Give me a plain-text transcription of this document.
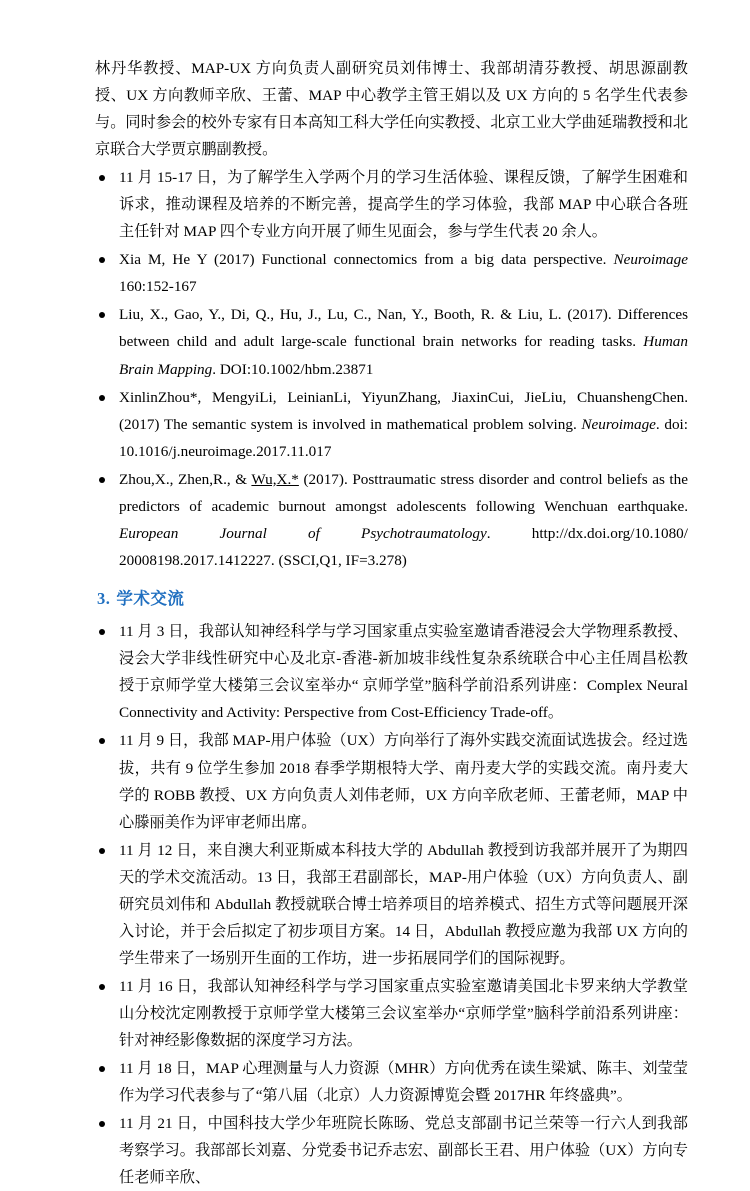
林丹华教授、MAP-UX 方向负责人副研究员刘伟博士、我部胡清芬教授、胡思源副教授、UX 方向教师辛欣、王蕾、MAP 中心教学主管王娟以及 UX 方向的 5 名学生代表参与。同时参会的校外专家有日本高知工科大学任向实教授、北京工业大学曲延瑞教授和北京联合大学贾京鹏副教授。

11 月 15-17 日，为了解学生入学两个月的学习生活体验、课程反馈，了解学生困难和诉求，推动课程及培养的不断完善，提高学生的学习体验，我部 MAP 中心联合各班主任针对 MAP 四个专业方向开展了师生见面会，参与学生代表 20 余人。
Xia M, He Y (2017) Functional connectomics from a big data perspective. Neuroimage 160:152-167
Liu, X., Gao, Y., Di, Q., Hu, J., Lu, C., Nan, Y., Booth, R. & Liu, L. (2017). Differences between child and adult large-scale functional brain networks for reading tasks. Human Brain Mapping. DOI:10.1002/hbm.23871
XinlinZhou*, MengyiLi, LeinianLi, YiyunZhang, JiaxinCui, JieLiu, ChuanshengChen. (2017) The semantic system is involved in mathematical problem solving. Neuroimage. doi: 10.1016/j.neuroimage.2017.11.017
Zhou,X., Zhen,R., & Wu,X.* (2017). Posttraumatic stress disorder and control beliefs as the predictors of academic burnout amongst adolescents following Wenchuan earthquake. European Journal of Psychotraumatology. http://dx.doi.org/10.1080/ 20008198.2017.1412227. (SSCI,Q1, IF=3.278)
3. 学术交流
11 月 3 日，我部认知神经科学与学习国家重点实验室邀请香港浸会大学物理系教授、浸会大学非线性研究中心及北京-香港-新加坡非线性复杂系统联合中心主任周昌松教授于京师学堂大楼第三会议室举办“ 京师学堂”脑科学前沿系列讲座：Complex Neural Connectivity and Activity: Perspective from Cost-Efficiency Trade-off。
11 月 9 日，我部 MAP-用户体验（UX）方向举行了海外实践交流面试选拔会。经过选拔，共有 9 位学生参加 2018 春季学期根特大学、南丹麦大学的实践交流。南丹麦大学的 ROBB 教授、UX 方向负责人刘伟老师，UX 方向辛欣老师、王蕾老师，MAP 中心滕丽美作为评审老师出席。
11 月 12 日，来自澳大利亚斯威本科技大学的 Abdullah 教授到访我部并展开了为期四天的学术交流活动。13 日，我部王君副部长，MAP-用户体验（UX）方向负责人、副研究员刘伟和 Abdullah 教授就联合博士培养项目的培养模式、招生方式等问题展开深入讨论，并于会后拟定了初步项目方案。14 日，Abdullah 教授应邀为我部 UX 方向的学生带来了一场别开生面的工作坊，进一步拓展同学们的国际视野。
11 月 16 日，我部认知神经科学与学习国家重点实验室邀请美国北卡罗来纳大学教堂山分校沈定刚教授于京师学堂大楼第三会议室举办“京师学堂”脑科学前沿系列讲座：针对神经影像数据的深度学习方法。
11 月 18 日，MAP 心理测量与人力资源（MHR）方向优秀在读生梁斌、陈丰、刘莹莹作为学习代表参与了“第八届（北京）人力资源博览会暨 2017HR 年终盛典”。
11 月 21 日，中国科技大学少年班院长陈旸、党总支部副书记兰荣等一行六人到我部考察学习。我部部长刘嘉、分党委书记乔志宏、副部长王君、用户体验（UX）方向专任老师辛欣、
